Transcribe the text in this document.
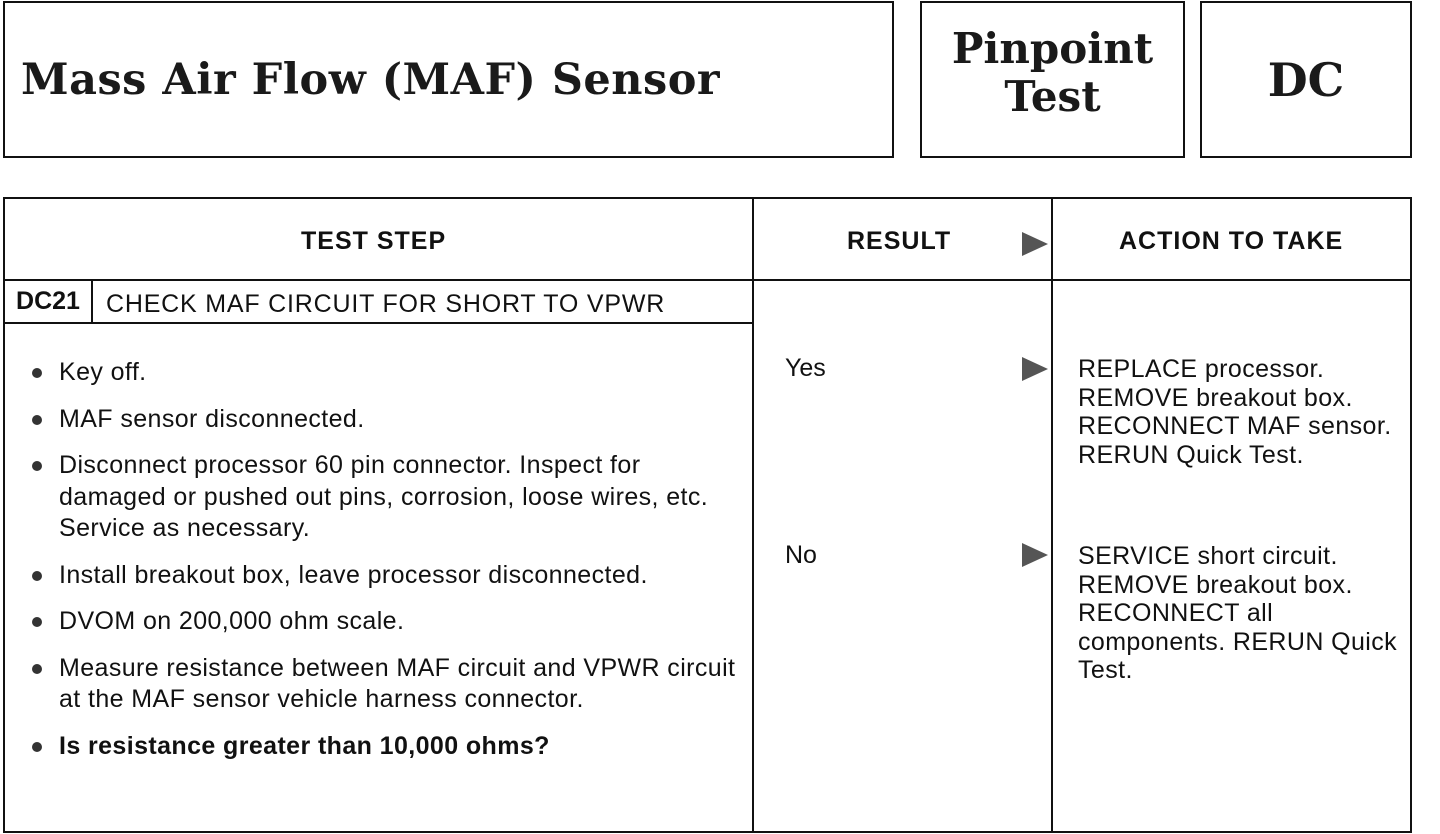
Mass Air Flow (MAF) Sensor
Pinpoint
Test	DC
TEST STEP	RESULT	ACTION TO TAKE
DC21	CHECK MAF CIRCUIT FOR SHORT TO VPWR
Key off.
MAF sensor disconnected.
Disconnect processor 60 pin connector. Inspect for damaged or pushed out pins, corrosion, loose wires, etc. Service as necessary.
Install breakout box, leave processor disconnected.
DVOM on 200,000 ohm scale.
Measure resistance between MAF circuit and VPWR circuit at the MAF sensor vehicle harness connector.
Is resistance greater than 10,000 ohms?
Yes	REPLACE processor. REMOVE breakout box. RECONNECT MAF sensor. RERUN Quick Test.
No	SERVICE short circuit. REMOVE breakout box. RECONNECT all components. RERUN Quick Test.
